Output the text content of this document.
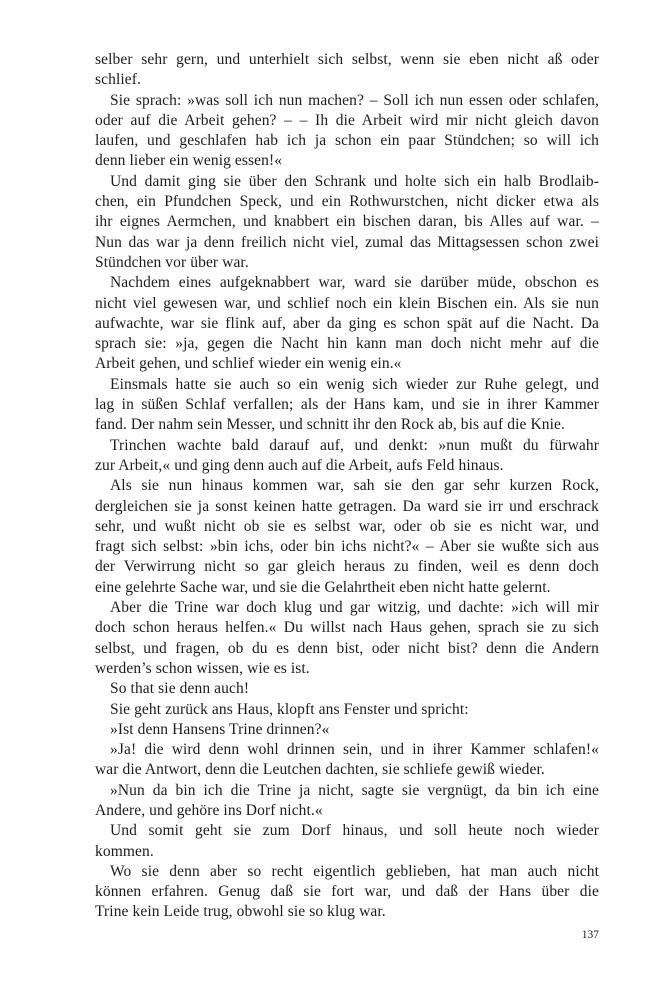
selber sehr gern, und unterhielt sich selbst, wenn sie eben nicht aß oder
schlief.
Sie sprach: »was soll ich nun machen? – Soll ich nun essen oder schlafen,
oder auf die Arbeit gehen? – – Ih die Arbeit wird mir nicht gleich davon
laufen, und geschlafen hab ich ja schon ein paar Stündchen; so will ich
denn lieber ein wenig essen!«
Und damit ging sie über den Schrank und holte sich ein halb Brodlaib-
chen, ein Pfundchen Speck, und ein Rothwurstchen, nicht dicker etwa als
ihr eignes Aermchen, und knabbert ein bischen daran, bis Alles auf war. –
Nun das war ja denn freilich nicht viel, zumal das Mittagsessen schon zwei
Stündchen vor über war.
Nachdem eines aufgeknabbert war, ward sie darüber müde, obschon es
nicht viel gewesen war, und schlief noch ein klein Bischen ein. Als sie nun
aufwachte, war sie flink auf, aber da ging es schon spät auf die Nacht. Da
sprach sie: »ja, gegen die Nacht hin kann man doch nicht mehr auf die
Arbeit gehen, und schlief wieder ein wenig ein.«
Einsmals hatte sie auch so ein wenig sich wieder zur Ruhe gelegt, und
lag in süßen Schlaf verfallen; als der Hans kam, und sie in ihrer Kammer
fand. Der nahm sein Messer, und schnitt ihr den Rock ab, bis auf die Knie.
Trinchen wachte bald darauf auf, und denkt: »nun mußt du fürwahr
zur Arbeit,« und ging denn auch auf die Arbeit, aufs Feld hinaus.
Als sie nun hinaus kommen war, sah sie den gar sehr kurzen Rock,
dergleichen sie ja sonst keinen hatte getragen. Da ward sie irr und erschrack
sehr, und wußt nicht ob sie es selbst war, oder ob sie es nicht war, und
fragt sich selbst: »bin ichs, oder bin ichs nicht?« – Aber sie wußte sich aus
der Verwirrung nicht so gar gleich heraus zu finden, weil es denn doch
eine gelehrte Sache war, und sie die Gelahrtheit eben nicht hatte gelernt.
Aber die Trine war doch klug und gar witzig, und dachte: »ich will mir
doch schon heraus helfen.« Du willst nach Haus gehen, sprach sie zu sich
selbst, und fragen, ob du es denn bist, oder nicht bist? denn die Andern
werden’s schon wissen, wie es ist.
So that sie denn auch!
Sie geht zurück ans Haus, klopft ans Fenster und spricht:
»Ist denn Hansens Trine drinnen?«
»Ja! die wird denn wohl drinnen sein, und in ihrer Kammer schlafen!«
war die Antwort, denn die Leutchen dachten, sie schliefe gewiß wieder.
»Nun da bin ich die Trine ja nicht, sagte sie vergnügt, da bin ich eine
Andere, und gehöre ins Dorf nicht.«
Und somit geht sie zum Dorf hinaus, und soll heute noch wieder
kommen.
Wo sie denn aber so recht eigentlich geblieben, hat man auch nicht
können erfahren. Genug daß sie fort war, und daß der Hans über die
Trine kein Leide trug, obwohl sie so klug war.
137
